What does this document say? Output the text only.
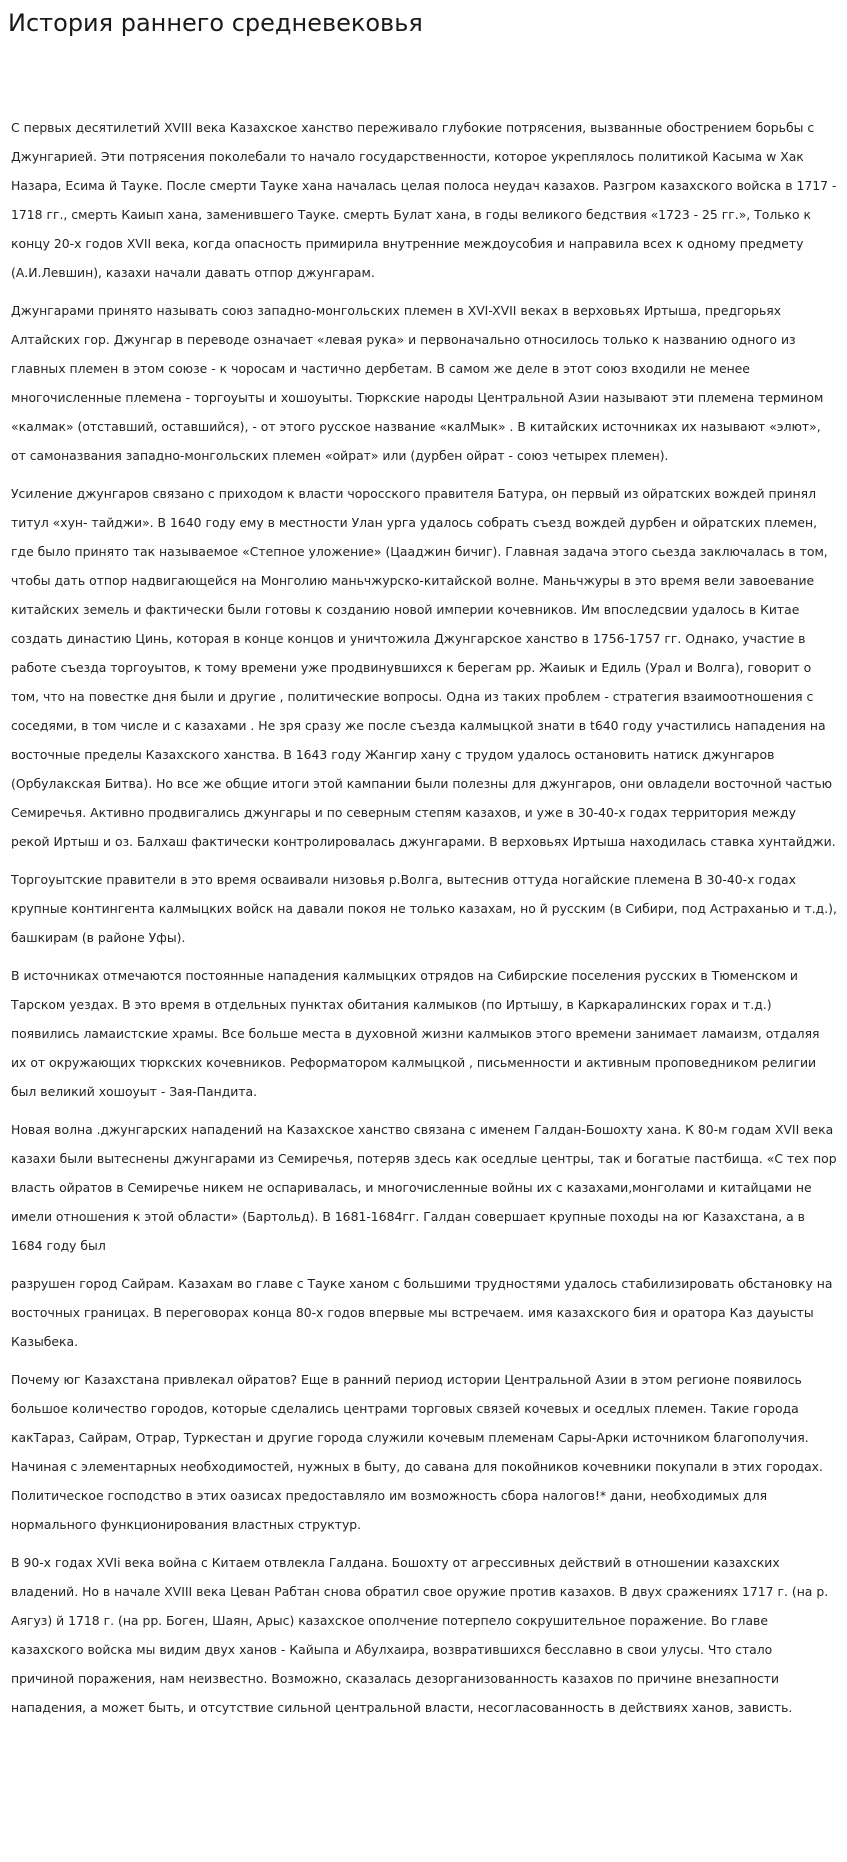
История раннего средневековья

С первых десятилетий XVIII века Казахское ханство переживало глубокие потрясения, вызванные обострением борьбы с Джунгарией. Эти потрясения поколебали то начало государственности, которое укреплялось политикой Касыма w Хак Назара, Есима й Тауке. После смерти Тауке хана началась целая полоса неудач казахов. Разгром казахского войска в 1717 - 1718 гг., смерть Каиып хана, заменившего Тауке. смерть Булат хана, в годы великого бедствия «1723 - 25 гг.», Только к концу 20-х годов XVII века, когда опасность примирила внутренние междоусобия и направила всех к одному предмету (А.И.Левшин), казахи начали давать отпор джунгарам.

Джунгарами принято называть союз западно-монгольских племен в XVI-XVII веках в верховьях Иртыша, предгорьях Алтайских гор. Джунгар в переводе означает «левая рука» и первоначально относилось только к названию одного из главных племен в этом союзе - к чоросам и частично дербетам. В самом же деле в этот союз входили не менее многочисленные племена - торгоуыты и хошоуыты. Тюркские народы Центральной Азии называют эти племена термином «калмак» (отставший, оставшийся), - от этого русское название «калМык» . В китайских источниках их называют «элют», от самоназвания западно-монгольских племен «ойрат» или (дурбен ойрат - союз четырех племен).

Усиление джунгаров связано с приходом к власти чоросского правителя Батура, он первый из ойратских вождей принял титул «хун- тайджи». В 1640 году ему в местности Улан урга удалось собрать съезд вождей дурбен и ойратских племен, где было принято так называемое «Степное уложение» (Цааджин бичиг). Главная задача этого сьезда заключалась в том, чтобы дать отпор надвигающейся на Монголию маньчжурско-китайской волне. Маньчжуры в это время вели завоевание китайских земель и фактически были готовы к созданию новой империи кочевников. Им впоследсвии удалось в Китае создать династию Цинь, которая в конце концов и уничтожила Джунгарское ханство в 1756-1757 гг. Однако, участие в работе съезда торгоуытов, к тому времени уже продвинувшихся к берегам рр. Жаиык и Едиль (Урал и Волга), говорит о том, что на повестке дня были и другие , политические вопросы. Одна из таких проблем - стратегия взаимоотношения с соседями, в том числе и с казахами . Не зря сразу же после съезда калмыцкой знати в t640 году участились нападения на восточные пределы Казахского ханства. В 1643 году Жангир хану с трудом удалось остановить натиск джунгаров (Орбулакская Битва). Но все же общие итоги этой кампании были полезны для джунгаров, они овладели восточной частью Семиречья. Активно продвигались джунгары и по северным степям казахов, и уже в 30-40-х годах территория между рекой Иртыш и оз. Балхаш фактически контролировалась джунгарами. В верховьях Иртыша находилась ставка хунтайджи.

Торгоуытские правители в это время осваивали низовья р.Волга, вытеснив оттуда ногайские племена В 30-40-х годах крупные контингента калмыцких войск на давали покоя не только казахам, но й русским (в Сибири, под Астраханью и т.д.), башкирам (в районе Уфы).

В источниках отмечаются постоянные нападения калмыцких отрядов на Сибирские поселения русских в Тюменском и Тарском уездах. В это время в отдельных пунктах обитания калмыков (по Иртышу, в Каркаралинских горах и т.д.) появились ламаистские храмы. Все больше места в духовной жизни калмыков этого времени занимает ламаизм, отдаляя их от окружающих тюркских кочевников. Реформатором калмыцкой , письменности и активным проповедником религии был великий хошоуыт - Зая-Пандита.

Новая волна .джунгарских нападений на Казахское ханство связана с именем Галдан-Бошохту хана. К 80-м годам XVII века казахи были вытеснены джунгарами из Семиречья, потеряв здесь как оседлые центры, так и богатые пастбища. «С тех пор власть ойратов в Семиречье никем не оспаривалась, и многочисленные войны их с казахами,монголами и китайцами не имели отношения к этой области» (Бартольд). В 1681-1684гг. Галдан совершает крупные походы на юг Казахстана, а в 1684 году был

разрушен город Сайрам. Казахам во главе с Тауке ханом с большими трудностями удалось стабилизировать обстановку на восточных границах. В переговорах конца 80-х годов впервые мы встречаем. имя казахского бия и оратора Каз дауысты Казыбека.

Почему юг Казахстана привлекал ойратов? Еще в ранний период истории Центральной Азии в этом регионе появилось большое количество городов, которые сделались центрами торговых связей кочевых и оседлых племен. Такие города какТараз, Сайрам, Отрар, Туркестан и другие города служили кочевым племенам Сары-Арки источником благополучия. Начиная с элементарных необходимостей, нужных в быту, до савана для покойников кочевники покупали в этих городах. Политическое господство в этих оазисах предоставляло им возможность сбора налогов!* дани, необходимых для нормального функционирования властных структур.

В 90-х годах XVIi века война с Китаем отвлекла Галдана. Бошохту от агрессивных действий в отношении казахских владений. Но в начале XVIII века Цеван Рабтан снова обратил свое оружие против казахов. В двух сражениях 1717 г. (на р. Аягуз) й 1718 г. (на рр. Боген, Шаян, Арыс) казахское ополчение потерпело сокрушительное поражение. Во главе казахского войска мы видим двух ханов - Кайыпа и Абулхаира, возвратившихся бесславно в свои улусы. Что стало причиной поражения, нам неизвестно. Возможно, сказалась дезорганизованность казахов по причине внезапности нападения, а может быть, и отсутствие сильной центральной власти, несогласованность в действиях ханов, зависть.
